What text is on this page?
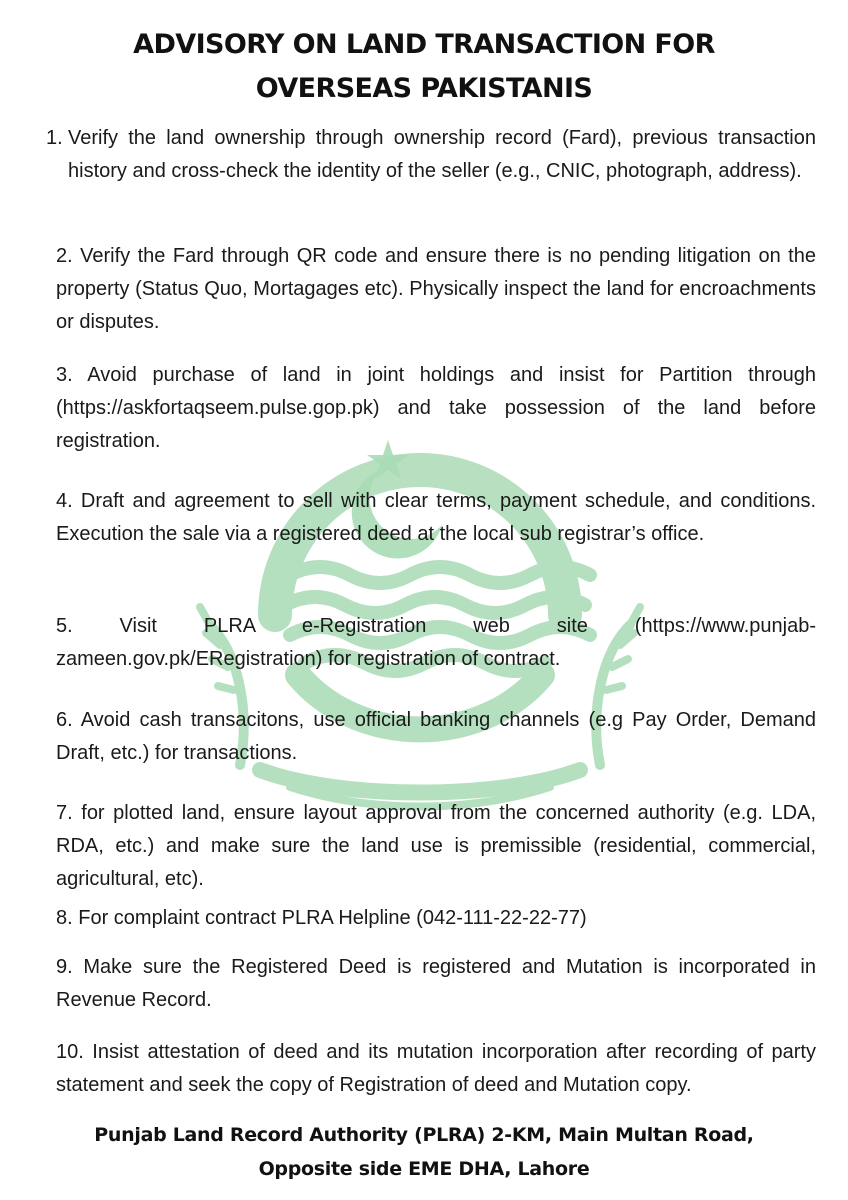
ADVISORY ON LAND TRANSACTION FOR
OVERSEAS PAKISTANIS
1. Verify the land ownership through ownership record (Fard), previous transaction history and cross-check the identity of the seller (e.g., CNIC, photograph, address).

2. Verify the Fard through QR code and ensure there is no pending litigation on the property (Status Quo, Mortagages etc). Physically inspect the land for encroachments or disputes.

3. Avoid purchase of land in joint holdings and insist for Partition through (https://askfortaqseem.pulse.gop.pk) and take possession of the land before registration.

4. Draft and agreement to sell with clear terms, payment schedule, and conditions. Execution the sale via a registered deed at the local sub registrar’s office.

5. Visit PLRA e-Registration web site (https://www.punjab-zameen.gov.pk/ERegistration) for registration of contract.

6. Avoid cash transacitons, use official banking channels (e.g Pay Order, Demand Draft, etc.) for transactions.

7. for plotted land, ensure layout approval from the concerned authority (e.g. LDA, RDA, etc.) and make sure the land use is premissible (residential, commercial, agricultural, etc).

8. For complaint contract PLRA Helpline (042-111-22-22-77)

9. Make sure the Registered Deed is registered and Mutation is incorporated in Revenue Record.

10. Insist attestation of deed and its mutation incorporation after recording of party statement and seek the copy of Registration of deed and Mutation copy.

Punjab Land Record Authority (PLRA) 2-KM, Main Multan Road,
Opposite side EME DHA, Lahore
